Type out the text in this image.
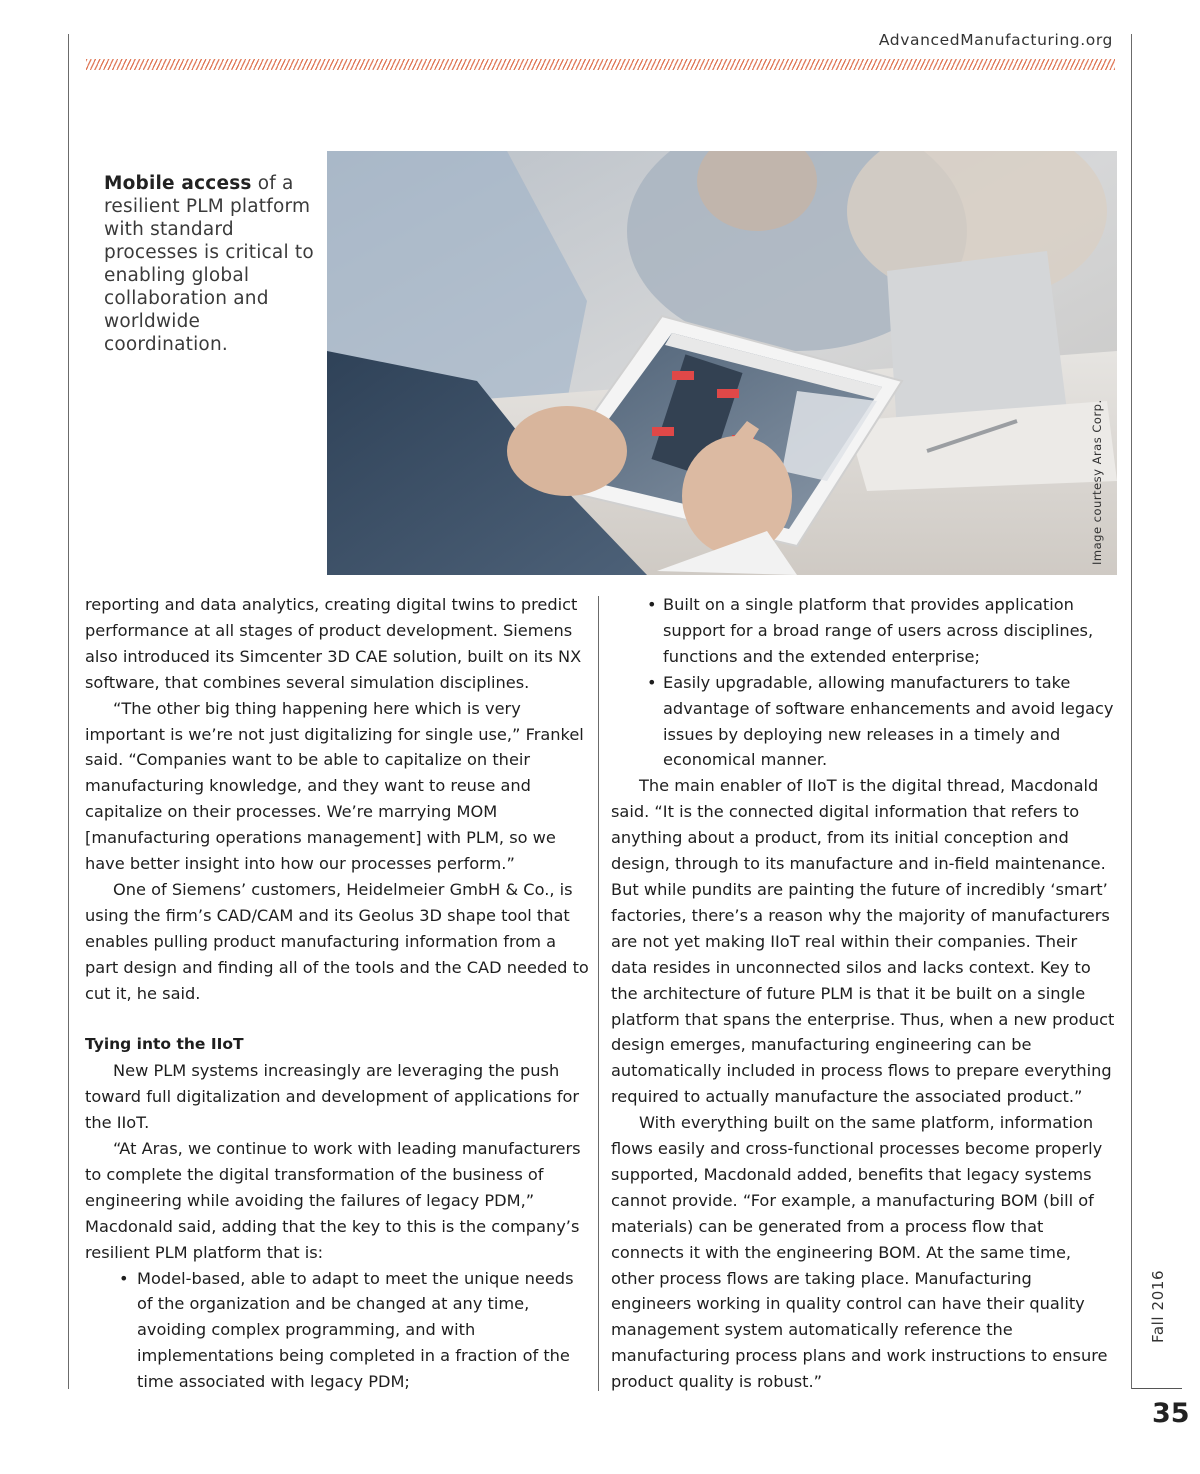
AdvancedManufacturing.org
Mobile access of a resilient PLM platform with standard processes is critical to enabling global collaboration and worldwide coordination.
Image courtesy Aras Corp.

reporting and data analytics, creating digital twins to predict performance at all stages of product development. Siemens also introduced its Simcenter 3D CAE solution, built on its NX software, that combines several simulation disciplines.

“The other big thing happening here which is very important is we’re not just digitalizing for single use,” Frankel said. “Companies want to be able to capitalize on their manufacturing knowledge, and they want to reuse and capitalize on their processes. We’re marrying MOM [manufacturing operations management] with PLM, so we have better insight into how our processes perform.”

One of Siemens’ customers, Heidelmeier GmbH & Co., is using the firm’s CAD/CAM and its Geolus 3D shape tool that enables pulling product manufacturing information from a part design and finding all of the tools and the CAD needed to cut it, he said.

Tying into the IIoT

New PLM systems increasingly are leveraging the push toward full digitalization and development of applications for the IIoT.

“At Aras, we continue to work with leading manufacturers to complete the digital transformation of the business of engineering while avoiding the failures of legacy PDM,” Macdonald said, adding that the key to this is the company’s resilient PLM platform that is:

• Model-based, able to adapt to meet the unique needs of the organization and be changed at any time, avoiding complex programming, and with implementations being completed in a fraction of the time associated with legacy PDM;

• Built on a single platform that provides application support for a broad range of users across disciplines, functions and the extended enterprise;

• Easily upgradable, allowing manufacturers to take advantage of software enhancements and avoid legacy issues by deploying new releases in a timely and economical manner.

The main enabler of IIoT is the digital thread, Macdonald said. “It is the connected digital information that refers to anything about a product, from its initial conception and design, through to its manufacture and in-field maintenance. But while pundits are painting the future of incredibly ‘smart’ factories, there’s a reason why the majority of manufacturers are not yet making IIoT real within their companies. Their data resides in unconnected silos and lacks context. Key to the architecture of future PLM is that it be built on a single platform that spans the enterprise. Thus, when a new product design emerges, manufacturing engineering can be automatically included in process flows to prepare everything required to actually manufacture the associated product.”

With everything built on the same platform, information flows easily and cross-functional processes become properly supported, Macdonald added, benefits that legacy systems cannot provide. “For example, a manufacturing BOM (bill of materials) can be generated from a process flow that connects it with the engineering BOM. At the same time, other process flows are taking place. Manufacturing engineers working in quality control can have their quality management system automatically reference the manufacturing process plans and work instructions to ensure product quality is robust.”

Fall 2016
35
